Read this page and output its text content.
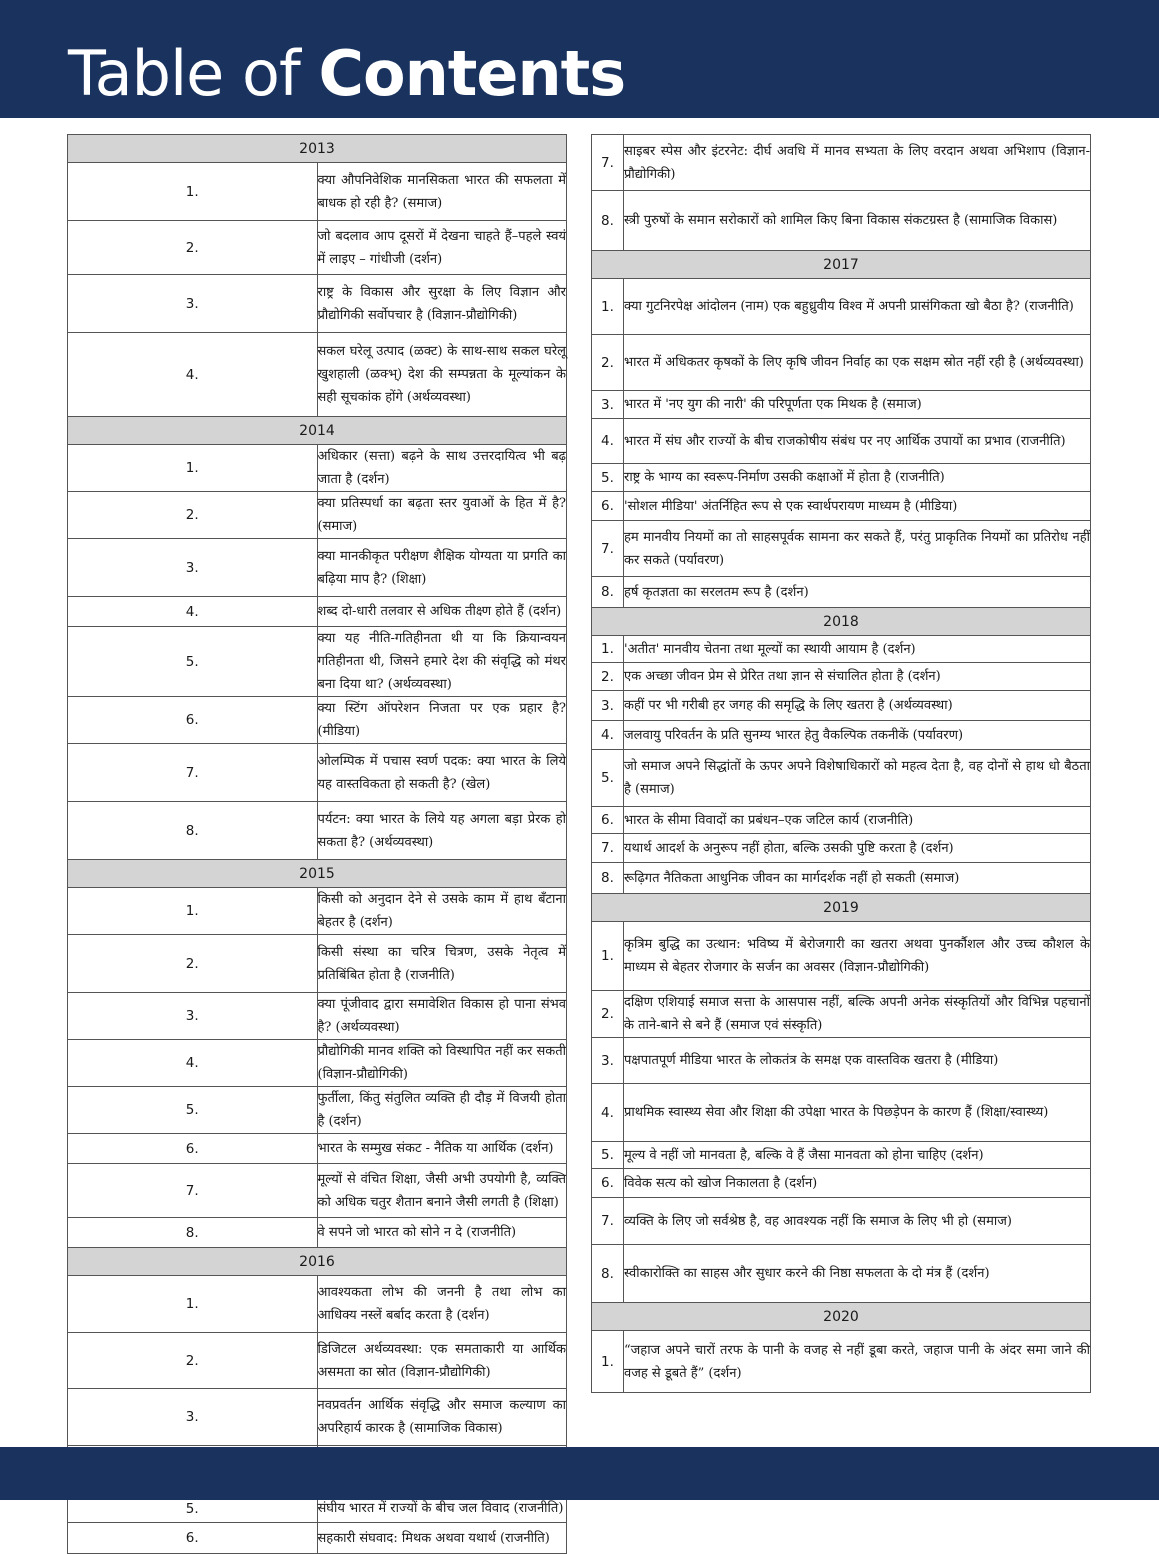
Table of Contents
2013	
1.	क्या औपनिवेशिक मानसिकता भारत की सफलता में बाधक हो रही है? (समाज)
2.	जो बदलाव आप दूसरों में देखना चाहते हैं–पहले स्वयं में लाइए – गांधीजी (दर्शन)
3.	राष्ट्र के विकास और सुरक्षा के लिए विज्ञान और प्रौद्योगिकी सर्वोपचार है (विज्ञान-प्रौद्योगिकी)
4.	सकल घरेलू उत्पाद (ळक्ट) के साथ-साथ सकल घरेलू खुशहाली (ळक्भ्) देश की सम्पन्नता के मूल्यांकन के सही सूचकांक होंगे (अर्थव्यवस्था)
2014	
1.	अधिकार (सत्ता) बढ़ने के साथ उत्तरदायित्व भी बढ़ जाता है (दर्शन)
2.	क्या प्रतिस्पर्धा का बढ़ता स्तर युवाओं के हित में है? (समाज)
3.	क्या मानकीकृत परीक्षण शैक्षिक योग्यता या प्रगति का बढ़िया माप है? (शिक्षा)
4.	शब्द दो-धारी तलवार से अधिक तीक्ष्ण होते हैं (दर्शन)
5.	क्या यह नीति-गतिहीनता थी या कि क्रियान्वयन गतिहीनता थी, जिसने हमारे देश की संवृद्धि को मंथर बना दिया था? (अर्थव्यवस्था)
6.	क्या स्टिंग ऑपरेशन निजता पर एक प्रहार है? (मीडिया)
7.	ओलम्पिक में पचास स्वर्ण पदक: क्या भारत के लिये यह वास्तविकता हो सकती है? (खेल)
8.	पर्यटन: क्या भारत के लिये यह अगला बड़ा प्रेरक हो सकता है? (अर्थव्यवस्था)
2015	
1.	किसी को अनुदान देने से उसके काम में हाथ बँटाना बेहतर है (दर्शन)
2.	किसी संस्था का चरित्र चित्रण, उसके नेतृत्व में प्रतिबिंबित होता है (राजनीति)
3.	क्या पूंजीवाद द्वारा समावेशित विकास हो पाना संभव है? (अर्थव्यवस्था)
4.	प्रौद्योगिकी मानव शक्ति को विस्थापित नहीं कर सकती (विज्ञान-प्रौद्योगिकी)
5.	फुर्तीला, किंतु संतुलित व्यक्ति ही दौड़ में विजयी होता है (दर्शन)
6.	भारत के सम्मुख संकट - नैतिक या आर्थिक (दर्शन)
7.	मूल्यों से वंचित शिक्षा, जैसी अभी उपयोगी है, व्यक्ति को अधिक चतुर शैतान बनाने जैसी लगती है (शिक्षा)
8.	वे सपने जो भारत को सोने न दे (राजनीति)
2016	
1.	आवश्यकता लोभ की जननी है तथा लोभ का आधिक्य नस्लें बर्बाद करता है (दर्शन)
2.	डिजिटल अर्थव्यवस्था: एक समताकारी या आर्थिक असमता का स्रोत (विज्ञान-प्रौद्योगिकी)
3.	नवप्रवर्तन आर्थिक संवृद्धि और समाज कल्याण का अपरिहार्य कारक है (सामाजिक विकास)

5.	संघीय भारत में राज्यों के बीच जल विवाद (राजनीति)
6.	सहकारी संघवाद: मिथक अथवा यथार्थ (राजनीति)
7.	साइबर स्पेस और इंटरनेट: दीर्घ अवधि में मानव सभ्यता के लिए वरदान अथवा अभिशाप (विज्ञान-प्रौद्योगिकी)
8.	स्त्री पुरुषों के समान सरोकारों को शामिल किए बिना विकास संकटग्रस्त है (सामाजिक विकास)
2017	
1.	क्या गुटनिरपेक्ष आंदोलन (नाम) एक बहुध्रुवीय विश्व में अपनी प्रासंगिकता खो बैठा है? (राजनीति)
2.	भारत में अधिकतर कृषकों के लिए कृषि जीवन निर्वाह का एक सक्षम स्रोत नहीं रही है (अर्थव्यवस्था)
3.	भारत में 'नए युग की नारी' की परिपूर्णता एक मिथक है (समाज)
4.	भारत में संघ और राज्यों के बीच राजकोषीय संबंध पर नए आर्थिक उपायों का प्रभाव (राजनीति)
5.	राष्ट्र के भाग्य का स्वरूप-निर्माण उसकी कक्षाओं में होता है (राजनीति)
6.	'सोशल मीडिया' अंतर्निहित रूप से एक स्वार्थपरायण माध्यम है (मीडिया)
7.	हम मानवीय नियमों का तो साहसपूर्वक सामना कर सकते हैं, परंतु प्राकृतिक नियमों का प्रतिरोध नहीं कर सकते (पर्यावरण)
8.	हर्ष कृतज्ञता का सरलतम रूप है (दर्शन)
2018	
1.	'अतीत' मानवीय चेतना तथा मूल्यों का स्थायी आयाम है (दर्शन)
2.	एक अच्छा जीवन प्रेम से प्रेरित तथा ज्ञान से संचालित होता है (दर्शन)
3.	कहीं पर भी गरीबी हर जगह की समृद्धि के लिए खतरा है (अर्थव्यवस्था)
4.	जलवायु परिवर्तन के प्रति सुनम्य भारत हेतु वैकल्पिक तकनीकें (पर्यावरण)
5.	जो समाज अपने सिद्धांतों के ऊपर अपने विशेषाधिकारों को महत्व देता है, वह दोनों से हाथ धो बैठता है (समाज)
6.	भारत के सीमा विवादों का प्रबंधन–एक जटिल कार्य (राजनीति)
7.	यथार्थ आदर्श के अनुरूप नहीं होता, बल्कि उसकी पुष्टि करता है (दर्शन)
8.	रूढ़िगत नैतिकता आधुनिक जीवन का मार्गदर्शक नहीं हो सकती (समाज)
2019	
1.	कृत्रिम बुद्धि का उत्थान: भविष्य में बेरोजगारी का खतरा अथवा पुनर्कौशल और उच्च कौशल के माध्यम से बेहतर रोजगार के सर्जन का अवसर (विज्ञान-प्रौद्योगिकी)
2.	दक्षिण एशियाई समाज सत्ता के आसपास नहीं, बल्कि अपनी अनेक संस्कृतियों और विभिन्न पहचानों के ताने-बाने से बने हैं (समाज एवं संस्कृति)
3.	पक्षपातपूर्ण मीडिया भारत के लोकतंत्र के समक्ष एक वास्तविक खतरा है (मीडिया)
4.	प्राथमिक स्वास्थ्य सेवा और शिक्षा की उपेक्षा भारत के पिछड़ेपन के कारण हैं (शिक्षा/स्वास्थ्य)
5.	मूल्य वे नहीं जो मानवता है, बल्कि वे हैं जैसा मानवता को होना चाहिए (दर्शन)
6.	विवेक सत्य को खोज निकालता है (दर्शन)
7.	व्यक्ति के लिए जो सर्वश्रेष्ठ है, वह आवश्यक नहीं कि समाज के लिए भी हो (समाज)
8.	स्वीकारोक्ति का साहस और सुधार करने की निष्ठा सफलता के दो मंत्र हैं (दर्शन)
2020	
1.	“जहाज अपने चारों तरफ के पानी के वजह से नहीं डूबा करते, जहाज पानी के अंदर समा जाने की वजह से डूबते हैं” (दर्शन)
